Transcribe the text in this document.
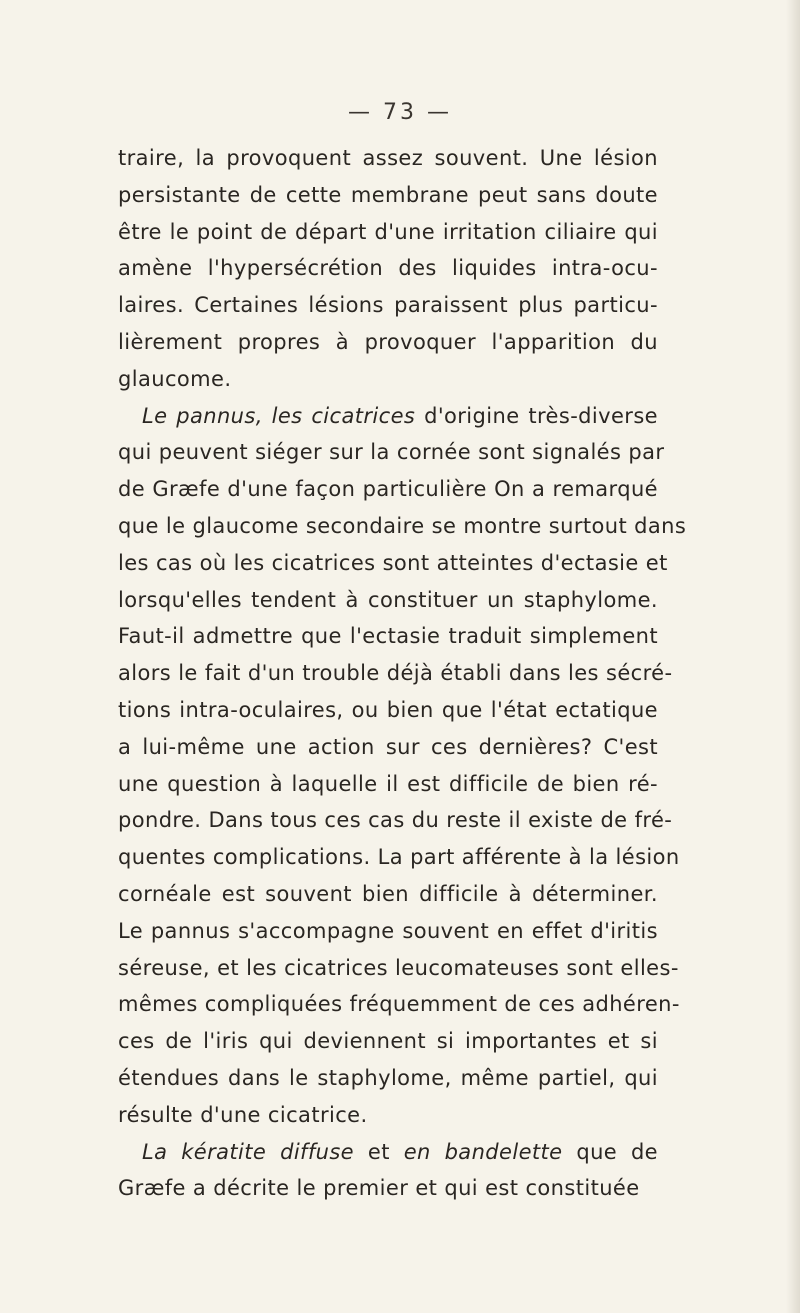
— 73 —
traire, la provoquent assez souvent. Une lésion
persistante de cette membrane peut sans doute
être le point de départ d'une irritation ciliaire qui
amène l'hypersécrétion des liquides intra-ocu-
laires. Certaines lésions paraissent plus particu-
lièrement propres à provoquer l'apparition du
glaucome.
Le pannus, les cicatrices d'origine très-diverse
qui peuvent siéger sur la cornée sont signalés par
de Græfe d'une façon particulière On a remarqué
que le glaucome secondaire se montre surtout dans
les cas où les cicatrices sont atteintes d'ectasie et
lorsqu'elles tendent à constituer un staphylome.
Faut-il admettre que l'ectasie traduit simplement
alors le fait d'un trouble déjà établi dans les sécré-
tions intra-oculaires, ou bien que l'état ectatique
a lui-même une action sur ces dernières? C'est
une question à laquelle il est difficile de bien ré-
pondre. Dans tous ces cas du reste il existe de fré-
quentes complications. La part afférente à la lésion
cornéale est souvent bien difficile à déterminer.
Le pannus s'accompagne souvent en effet d'iritis
séreuse, et les cicatrices leucomateuses sont elles-
mêmes compliquées fréquemment de ces adhéren-
ces de l'iris qui deviennent si importantes et si
étendues dans le staphylome, même partiel, qui
résulte d'une cicatrice.
La kératite diffuse et en bandelette que de
Græfe a décrite le premier et qui est constituée
